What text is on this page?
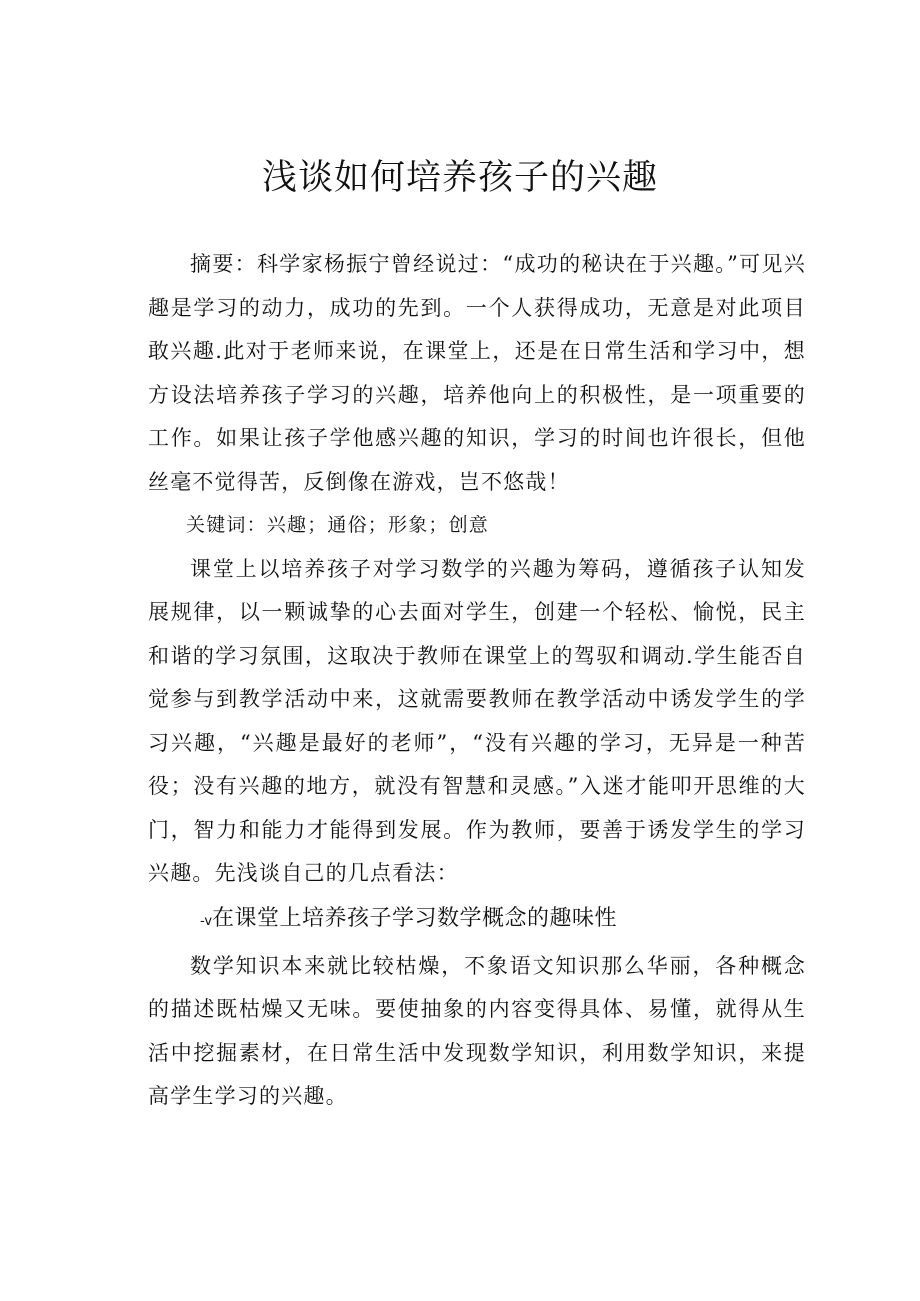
浅谈如何培养孩子的兴趣

摘要：科学家杨振宁曾经说过：“成功的秘诀在于兴趣。”可见兴趣是学习的动力，成功的先到。一个人获得成功，无意是对此项目敢兴趣.此对于老师来说，在课堂上，还是在日常生活和学习中，想方设法培养孩子学习的兴趣，培养他向上的积极性，是一项重要的工作。如果让孩子学他感兴趣的知识，学习的时间也许很长，但他丝毫不觉得苦，反倒像在游戏，岂不悠哉！

关键词：兴趣；通俗；形象；创意

课堂上以培养孩子对学习数学的兴趣为筹码，遵循孩子认知发展规律，以一颗诚挚的心去面对学生，创建一个轻松、愉悦，民主和谐的学习氛围，这取决于教师在课堂上的驾驭和调动.学生能否自觉参与到教学活动中来，这就需要教师在教学活动中诱发学生的学习兴趣，“兴趣是最好的老师”，“没有兴趣的学习，无异是一种苦役；没有兴趣的地方，就没有智慧和灵感。”入迷才能叩开思维的大门，智力和能力才能得到发展。作为教师，要善于诱发学生的学习兴趣。先浅谈自己的几点看法：

-v在课堂上培养孩子学习数学概念的趣味性

数学知识本来就比较枯燥，不象语文知识那么华丽，各种概念的描述既枯燥又无味。要使抽象的内容变得具体、易懂，就得从生活中挖掘素材，在日常生活中发现数学知识，利用数学知识，来提高学生学习的兴趣。
